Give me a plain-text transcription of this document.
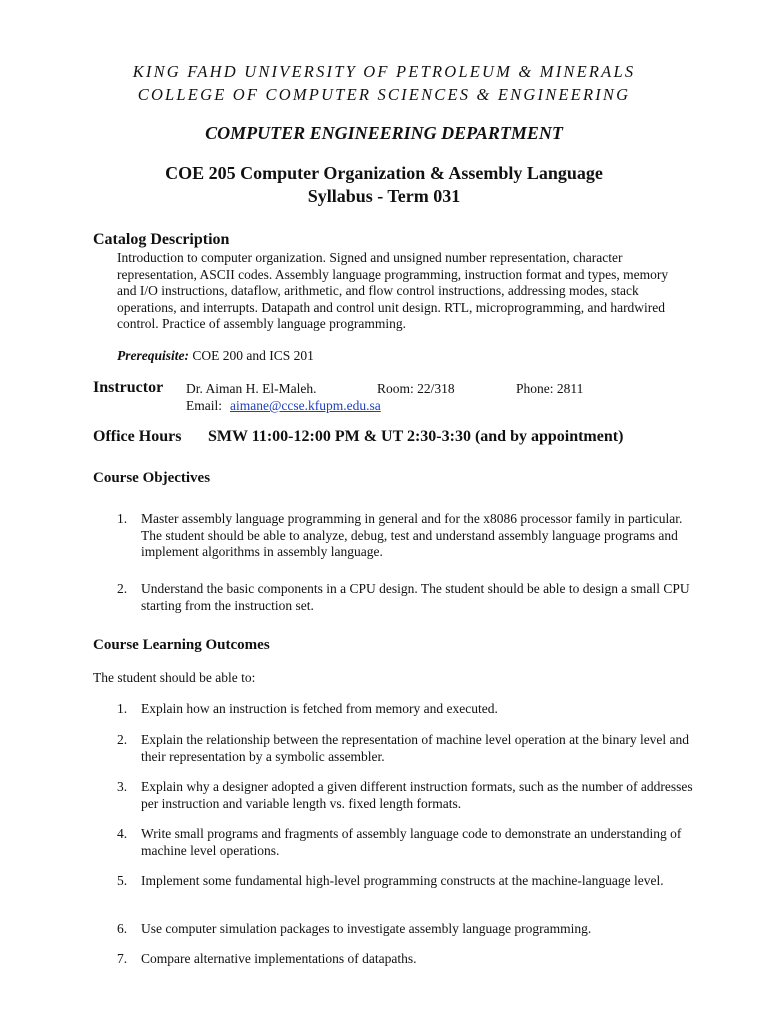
KING FAHD UNIVERSITY OF PETROLEUM & MINERALS
COLLEGE OF COMPUTER SCIENCES & ENGINEERING
COMPUTER ENGINEERING DEPARTMENT
COE 205 Computer Organization & Assembly Language
Syllabus - Term 031
Catalog Description

Introduction to computer organization. Signed and unsigned number representation, character representation, ASCII codes. Assembly language programming, instruction format and types, memory and I/O instructions, dataflow, arithmetic, and flow control instructions, addressing modes, stack operations, and interrupts. Datapath and control unit design. RTL, microprogramming, and hardwired control. Practice of assembly language programming.

Prerequisite: COE 200 and ICS 201
Instructor Dr. Aiman H. El-Maleh.	Room: 22/318	Phone: 2811
Email: aimane@ccse.kfupm.edu.sa
Office Hours SMW 11:00-12:00 PM & UT 2:30-3:30 (and by appointment)
Course Objectives
1.	Master assembly language programming in general and for the x8086 processor family in particular. The student should be able to analyze, debug, test and understand assembly language programs and implement algorithms in assembly language.
2.	Understand the basic components in a CPU design. The student should be able to design a small CPU starting from the instruction set.
Course Learning Outcomes
The student should be able to:
1.	Explain how an instruction is fetched from memory and executed.
2.	Explain the relationship between the representation of machine level operation at the binary level and their representation by a symbolic assembler.
3.	Explain why a designer adopted a given different instruction formats, such as the number of addresses per instruction and variable length vs. fixed length formats.
4.	Write small programs and fragments of assembly language code to demonstrate an understanding of machine level operations.
5.	Implement some fundamental high-level programming constructs at the machine-language level.
6.	Use computer simulation packages to investigate assembly language programming.
7.	Compare alternative implementations of datapaths.
